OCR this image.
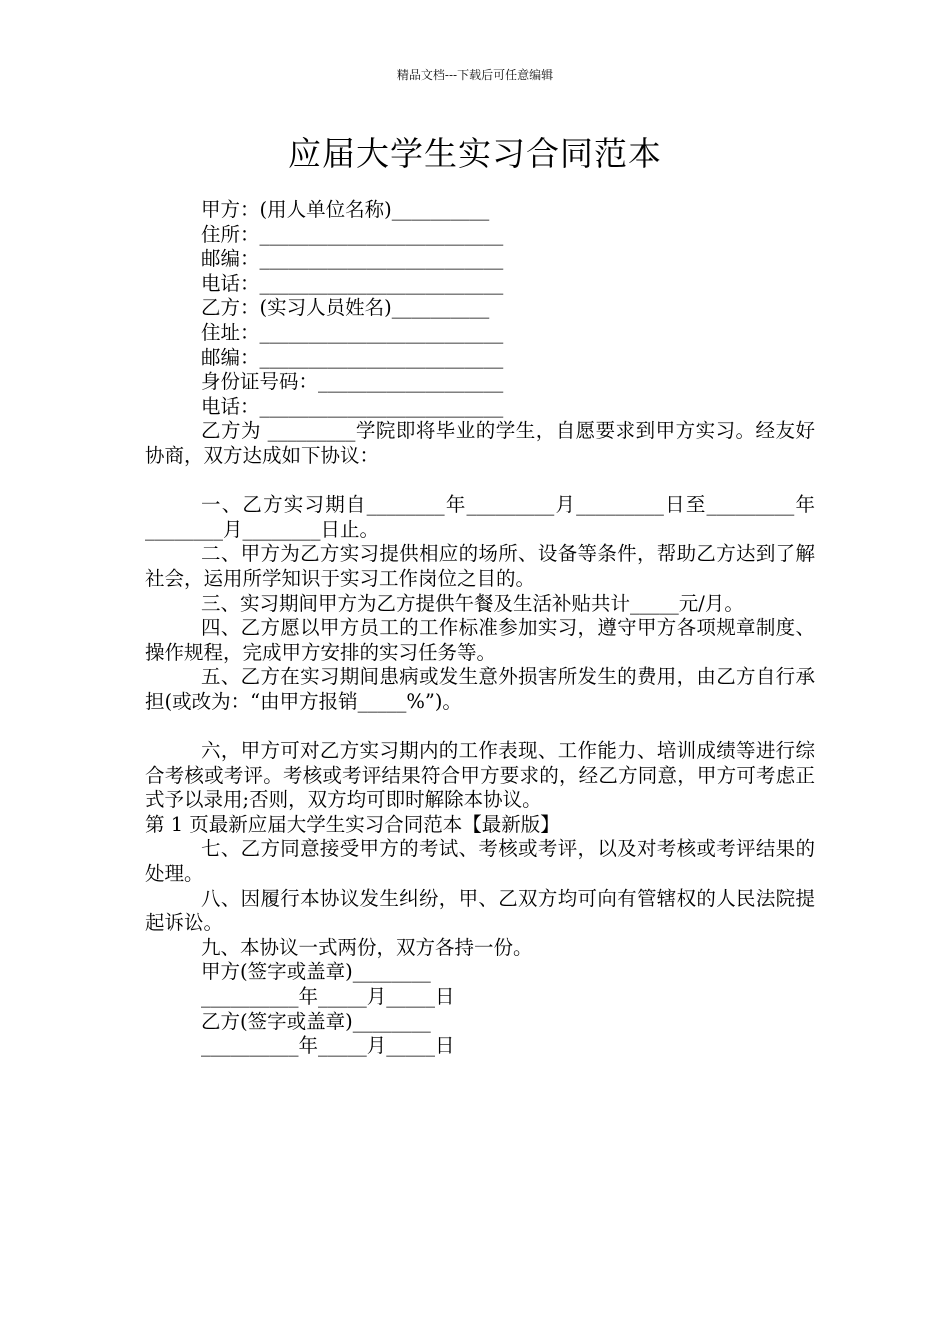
精品文档---下载后可任意编辑
应届大学生实习合同范本
甲方：(用人单位名称)__________
住所：_________________________
邮编：_________________________
电话：_________________________
乙方：(实习人员姓名)__________
住址：_________________________
邮编：_________________________
身份证号码：___________________
电话：_________________________
乙方为 _________学院即将毕业的学生，自愿要求到甲方实习。经友好协商，双方达成如下协议：
一、乙方实习期自________年_________月_________日至_________年________月________日止。
二、甲方为乙方实习提供相应的场所、设备等条件，帮助乙方达到了解社会，运用所学知识于实习工作岗位之目的。
三、实习期间甲方为乙方提供午餐及生活补贴共计_____元/月。
四、乙方愿以甲方员工的工作标准参加实习，遵守甲方各项规章制度、操作规程，完成甲方安排的实习任务等。
五、乙方在实习期间患病或发生意外损害所发生的费用，由乙方自行承担(或改为：“由甲方报销_____%”)。
六，甲方可对乙方实习期内的工作表现、工作能力、培训成绩等进行综合考核或考评。考核或考评结果符合甲方要求的，经乙方同意，甲方可考虑正式予以录用;否则，双方均可即时解除本协议。
第 1 页最新应届大学生实习合同范本【最新版】
七、乙方同意接受甲方的考试、考核或考评，以及对考核或考评结果的处理。
八、因履行本协议发生纠纷，甲、乙双方均可向有管辖权的人民法院提起诉讼。
九、本协议一式两份，双方各持一份。
甲方(签字或盖章)________
__________年_____月_____日
乙方(签字或盖章)________
__________年_____月_____日
